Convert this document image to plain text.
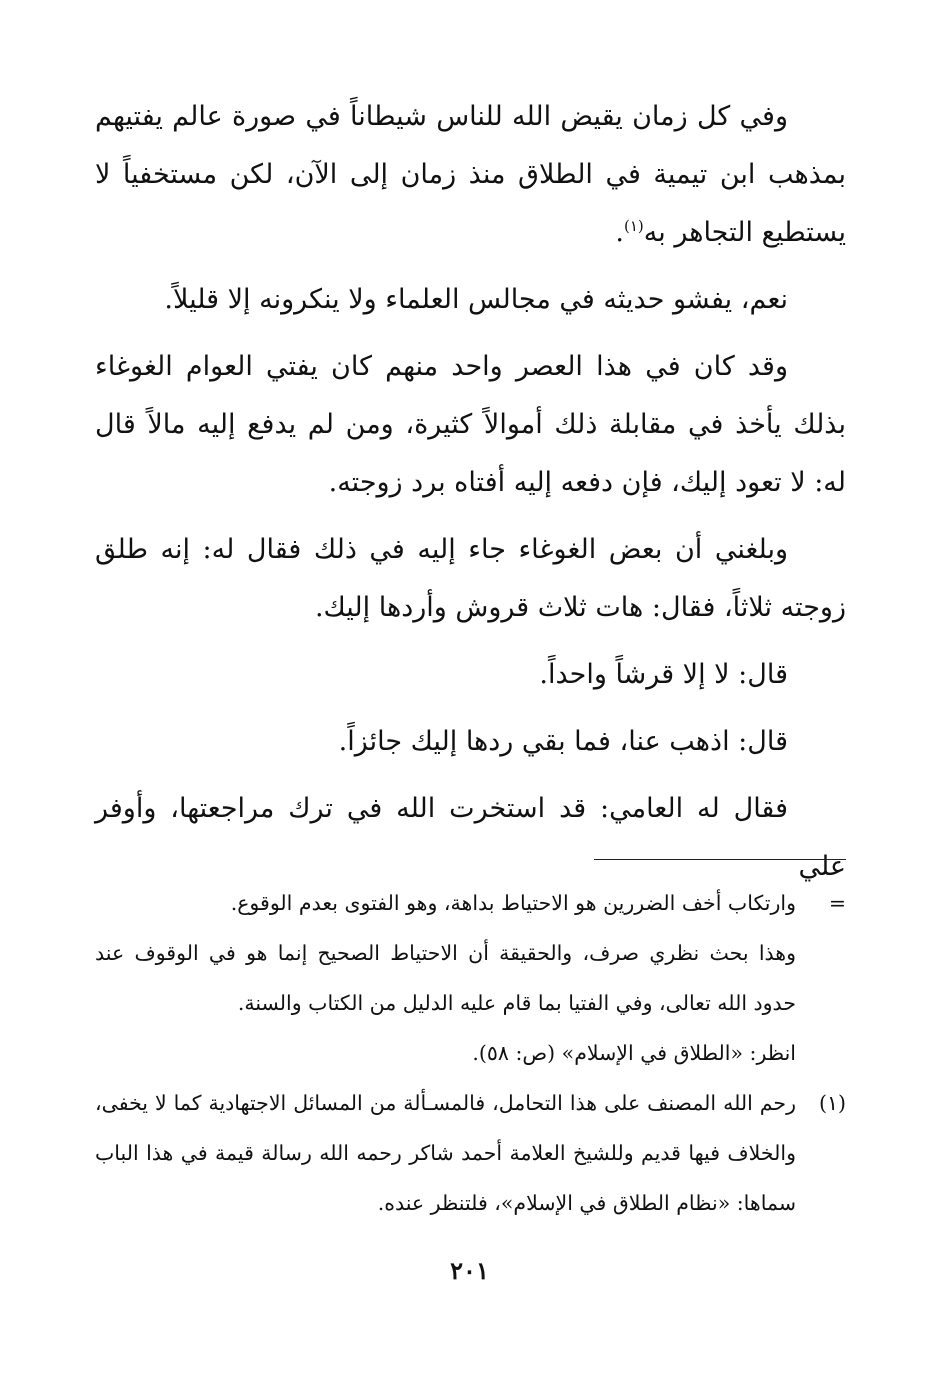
وفي كل زمان يقيض الله للناس شيطاناً في صورة عالم يفتيهم بمذهب ابن تيمية في الطلاق منذ زمان إلى الآن، لكن مستخفياً لا يستطيع التجاهر به$^{(١)}$.

نعم، يفشو حديثه في مجالس العلماء ولا ينكرونه إلا قليلاً.

وقد كان في هذا العصر واحد منهم كان يفتي العوام الغوغاء بذلك يأخذ في مقابلة ذلك أموالاً كثيرة، ومن لم يدفع إليه مالاً قال له: لا تعود إليك، فإن دفعه إليه أفتاه برد زوجته.

وبلغني أن بعض الغوغاء جاء إليه في ذلك فقال له: إنه طلق زوجته ثلاثاً، فقال: هات ثلاث قروش وأردها إليك.

قال: لا إلا قرشاً واحداً.

قال: اذهب عنا، فما بقي ردها إليك جائزاً.

فقال له العامي: قد استخرت الله في ترك مراجعتها، وأوفر علي

=

وارتكاب أخف الضررين هو الاحتياط بداهة، وهو الفتوى بعدم الوقوع.

وهذا بحث نظري صرف، والحقيقة أن الاحتياط الصحيح إنما هو في الوقوف عند حدود الله تعالى، وفي الفتيا بما قام عليه الدليل من الكتاب والسنة.

انظر: «الطلاق في الإسلام» (ص: ٥٨).

(١)

رحم الله المصنف على هذا التحامل، فالمسـألة من المسائل الاجتهادية كما لا يخفى، والخلاف فيها قديم وللشيخ العلامة أحمد شاكر رحمه الله رسالة قيمة في هذا الباب سماها: «نظام الطلاق في الإسلام»، فلتنظر عنده.

٢٠١
